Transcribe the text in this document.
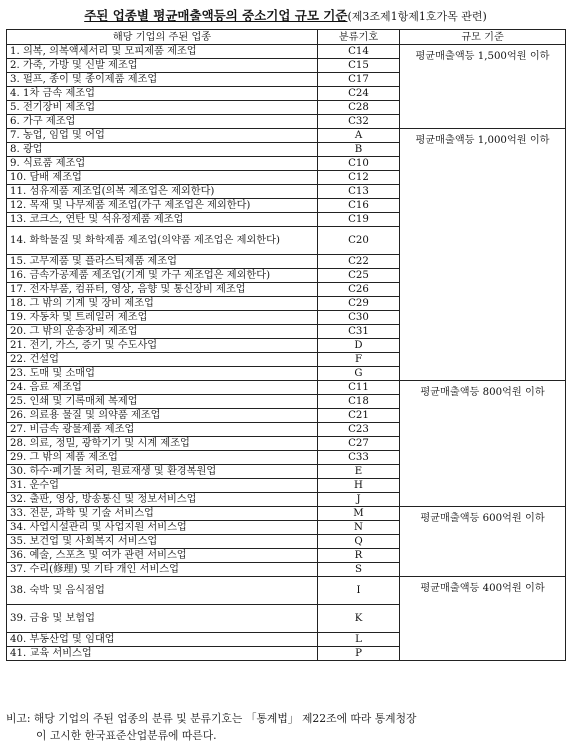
주된 업종별 평균매출액등의 중소기업 규모 기준(제3조제1항제1호가목 관련)
해당 기업의 주된 업종	분류기호	규모 기준
1. 의복, 의복액세서리 및 모피제품 제조업	C14	평균매출액등 1,500억원 이하
2. 가죽, 가방 및 신발 제조업	C15	
3. 펄프, 종이 및 종이제품 제조업	C17	
4. 1차 금속 제조업	C24	
5. 전기장비 제조업	C28	
6. 가구 제조업	C32	
7. 농업, 임업 및 어업	A	평균매출액등 1,000억원 이하
8. 광업	B	
9. 식료품 제조업	C10	
10. 담배 제조업	C12	
11. 섬유제품 제조업(의복 제조업은 제외한다)	C13	
12. 목재 및 나무제품 제조업(가구 제조업은 제외한다)	C16	
13. 코크스, 연탄 및 석유정제품 제조업	C19	
14. 화학물질 및 화학제품 제조업(의약품 제조업은 제외한다)	C20	
15. 고무제품 및 플라스틱제품 제조업	C22	
16. 금속가공제품 제조업(기계 및 가구 제조업은 제외한다)	C25	
17. 전자부품, 컴퓨터, 영상, 음향 및 통신장비 제조업	C26	
18. 그 밖의 기계 및 장비 제조업	C29	
19. 자동차 및 트레일러 제조업	C30	
20. 그 밖의 운송장비 제조업	C31	
21. 전기, 가스, 증기 및 수도사업	D	
22. 건설업	F	
23. 도매 및 소매업	G	
24. 음료 제조업	C11	평균매출액등 800억원 이하
25. 인쇄 및 기록매체 복제업	C18	
26. 의료용 물질 및 의약품 제조업	C21	
27. 비금속 광물제품 제조업	C23	
28. 의료, 정밀, 광학기기 및 시계 제조업	C27	
29. 그 밖의 제품 제조업	C33	
30. 하수·폐기물 처리, 원료재생 및 환경복원업	E	
31. 운수업	H	
32. 출판, 영상, 방송통신 및 정보서비스업	J	
33. 전문, 과학 및 기술 서비스업	M	평균매출액등 600억원 이하
34. 사업시설관리 및 사업지원 서비스업	N	
35. 보건업 및 사회복지 서비스업	Q	
36. 예술, 스포츠 및 여가 관련 서비스업	R	
37. 수리(修理) 및 기타 개인 서비스업	S	
38. 숙박 및 음식점업	I	평균매출액등 400억원 이하
39. 금융 및 보험업	K	
40. 부동산업 및 임대업	L	
41. 교육 서비스업	P	
비고: 해당 기업의 주된 업종의 분류 및 분류기호는 「통계법」 제22조에 따라 통계청장
이 고시한 한국표준산업분류에 따른다.
